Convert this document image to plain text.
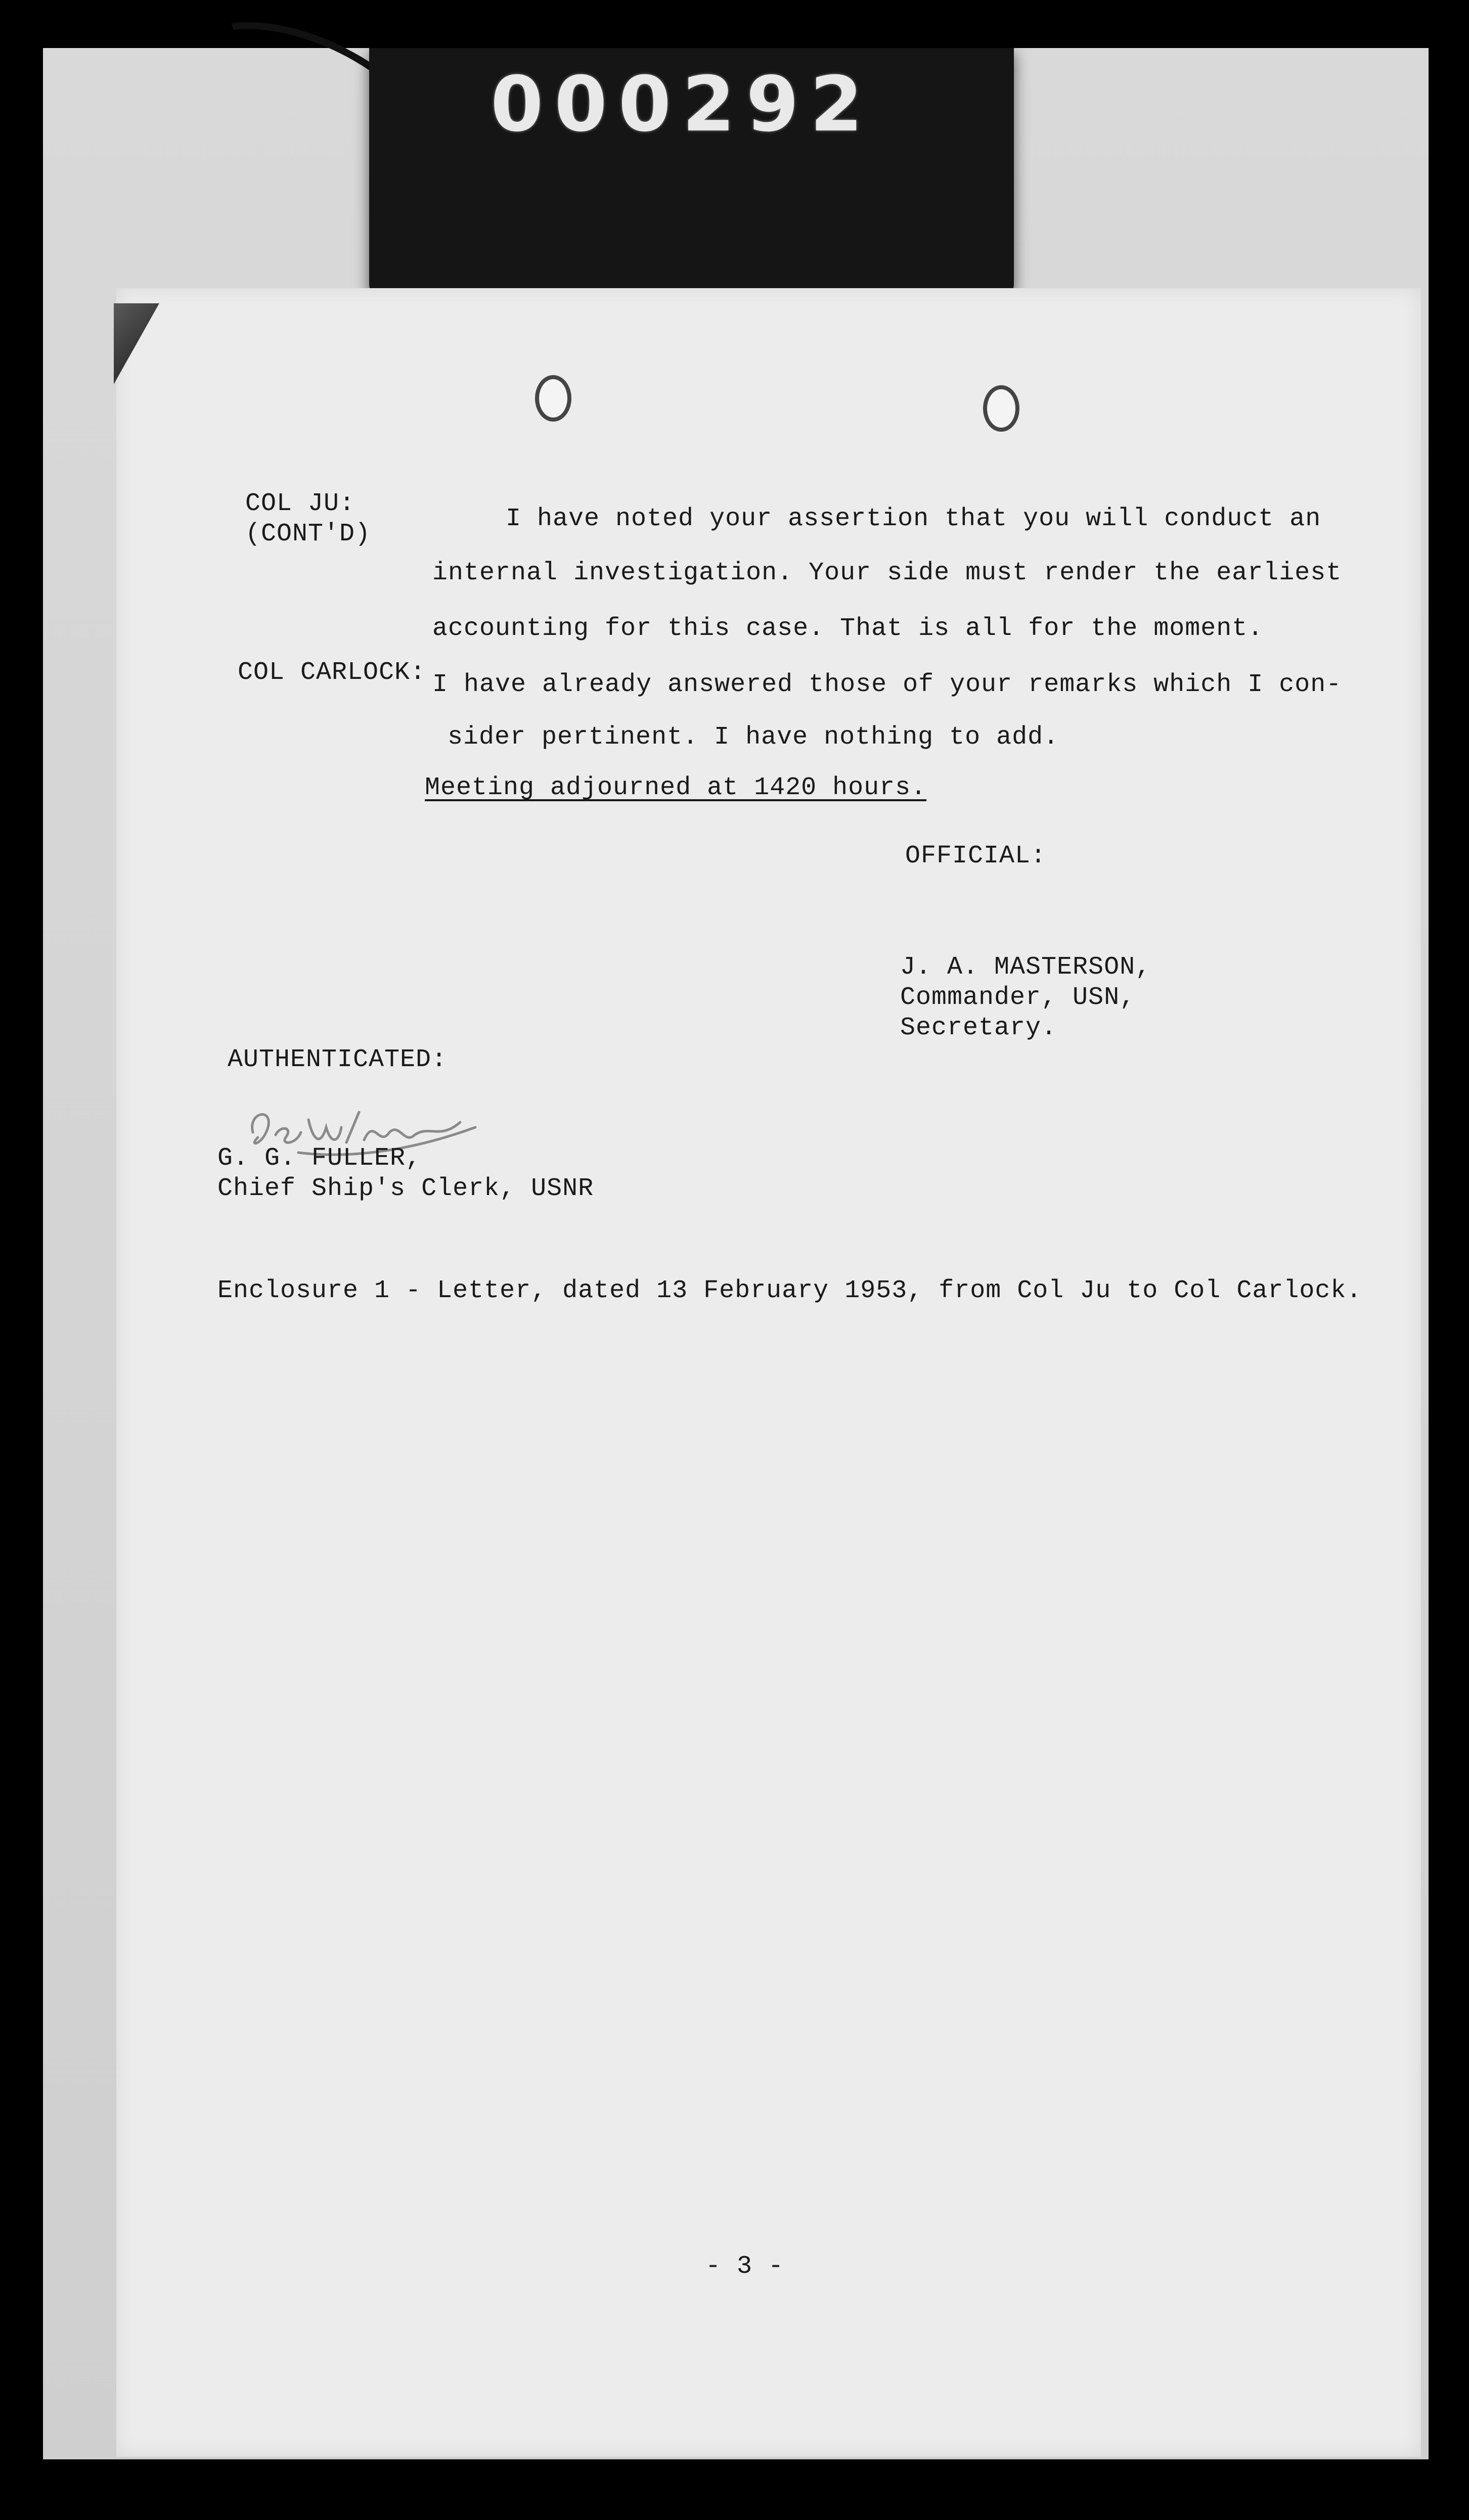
000292
COL JU:
(CONT'D)
I have noted your assertion that you will conduct an
internal investigation. Your side must render the earliest
accounting for this case. That is all for the moment.
COL CARLOCK: I have already answered those of your remarks which I con-
sider pertinent. I have nothing to add.
Meeting adjourned at 1420 hours.
OFFICIAL:
J. A. MASTERSON,
Commander, USN,
Secretary.
AUTHENTICATED:
G. G. FULLER,
Chief Ship's Clerk, USNR
Enclosure 1 - Letter, dated 13 February 1953, from Col Ju to Col Carlock.
- 3 -
